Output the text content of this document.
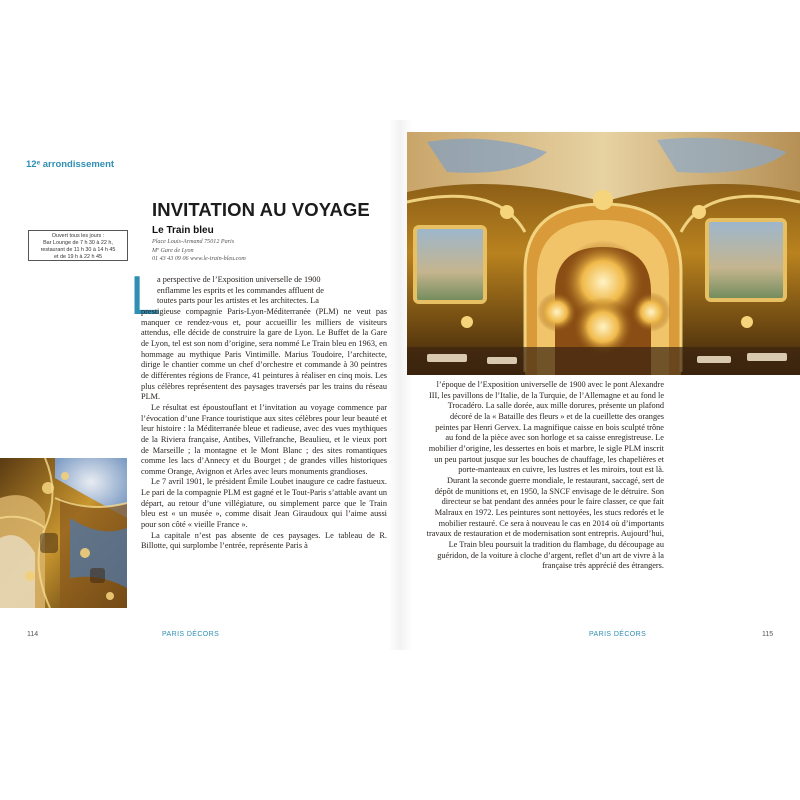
12ᵉ arrondissement
INVITATION AU VOYAGE
Ouvert tous les jours :
Bar Lounge de 7 h 30 à 22 h,
restaurant de 11 h 30 à 14 h 45
et de 19 h à 22 h 45
Le Train bleu
Place Louis-Armand 75012 Paris
Mº Gare de Lyon
01 43 43 09 06 www.le-train-bleu.com
L
a perspective de l’Exposition universelle de 1900
enflamme les esprits et les commandes affluent de
toutes parts pour les artistes et les architectes. La

prestigieuse compagnie Paris-Lyon-Méditerranée (PLM) ne veut pas manquer ce rendez-vous et, pour accueillir les milliers de visiteurs attendus, elle décide de construire la gare de Lyon. Le Buffet de la Gare de Lyon, tel est son nom d’origine, sera nommé Le Train bleu en 1963, en hommage au mythique Paris Vintimille. Marius Toudoire, l’architecte, dirige le chantier comme un chef d’orchestre et commande à 30 peintres de différentes régions de France, 41 peintures à réaliser en cinq mois. Les plus célèbres représentent des paysages traversés par les trains du réseau PLM.

Le résultat est époustouflant et l’invitation au voyage commence par l’évocation d’une France touristique aux sites célèbres pour leur beauté et leur histoire : la Méditerranée bleue et radieuse, avec des vues mythiques de la Riviera française, Antibes, Villefranche, Beaulieu, et le vieux port de Marseille ; la montagne et le Mont Blanc ; des sites romantiques comme les lacs d’Annecy et du Bourget ; de grandes villes historiques comme Orange, Avignon et Arles avec leurs monuments grandioses.

Le 7 avril 1901, le président Émile Loubet inaugure ce cadre fastueux. Le pari de la compagnie PLM est gagné et le Tout-Paris s’attable avant un départ, au retour d’une villégiature, ou simplement parce que le Train bleu est « un musée », comme disait Jean Giraudoux qui l’aime aussi pour son côté « vieille France ».

La capitale n’est pas absente de ces paysages. Le tableau de R. Billotte, qui surplombe l’entrée, représente Paris à

114	PARIS DÉCORS	PARIS DÉCORS	115

l’époque de l’Exposition universelle de 1900 avec le pont Alexandre III, les pavillons de l’Italie, de la Turquie, de l’Allemagne et au fond le Trocadéro. La salle dorée, aux mille dorures, présente un plafond décoré de la « Bataille des fleurs » et de la cueillette des oranges peintes par Henri Gervex. La magnifique caisse en bois sculpté trône au fond de la pièce avec son horloge et sa caisse enregistreuse. Le mobilier d’origine, les dessertes en bois et marbre, le sigle PLM inscrit un peu partout jusque sur les bouches de chauffage, les chapelières et porte-manteaux en cuivre, les lustres et les miroirs, tout est là.

Durant la seconde guerre mondiale, le restaurant, saccagé, sert de dépôt de munitions et, en 1950, la SNCF envisage de le détruire. Son directeur se bat pendant des années pour le faire classer, ce que fait Malraux en 1972. Les peintures sont nettoyées, les stucs redorés et le mobilier restauré. Ce sera à nouveau le cas en 2014 où d’importants travaux de restauration et de modernisation sont entrepris. Aujourd’hui, Le Train bleu poursuit la tradition du flambage, du découpage au guéridon, de la voiture à cloche d’argent, reflet d’un art de vivre à la française très apprécié des étrangers.
